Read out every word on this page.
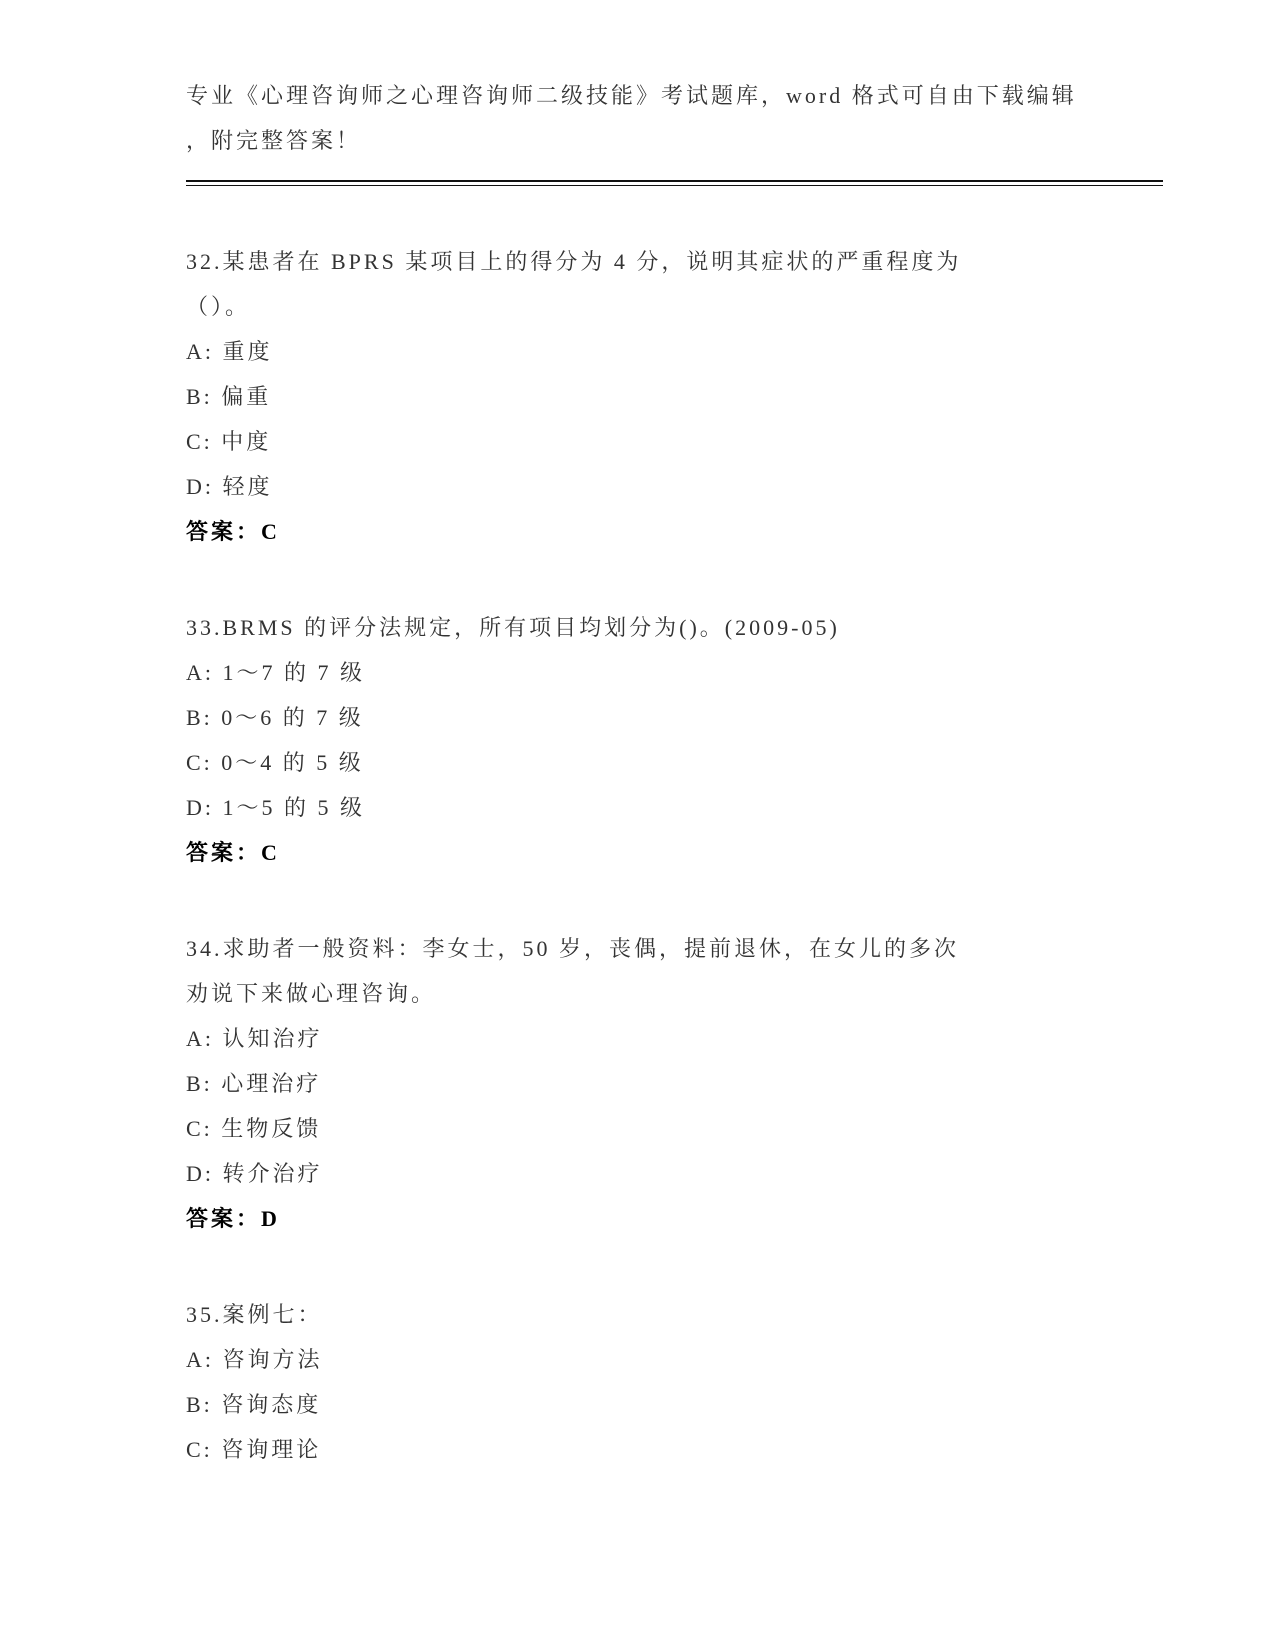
专业《心理咨询师之心理咨询师二级技能》考试题库，word 格式可自由下载编辑

，附完整答案！

32.某患者在 BPRS 某项目上的得分为 4 分，说明其症状的严重程度为

（）。

A: 重度

B: 偏重

C: 中度

D: 轻度

答案：C

33.BRMS 的评分法规定，所有项目均划分为()。(2009-05)

A: 1～7 的 7 级

B: 0～6 的 7 级

C: 0～4 的 5 级

D: 1～5 的 5 级

答案：C

34.求助者一般资料：李女士，50 岁，丧偶，提前退休，在女儿的多次

劝说下来做心理咨询。

A: 认知治疗

B: 心理治疗

C: 生物反馈

D: 转介治疗

答案：D

35.案例七：

A: 咨询方法

B: 咨询态度

C: 咨询理论
